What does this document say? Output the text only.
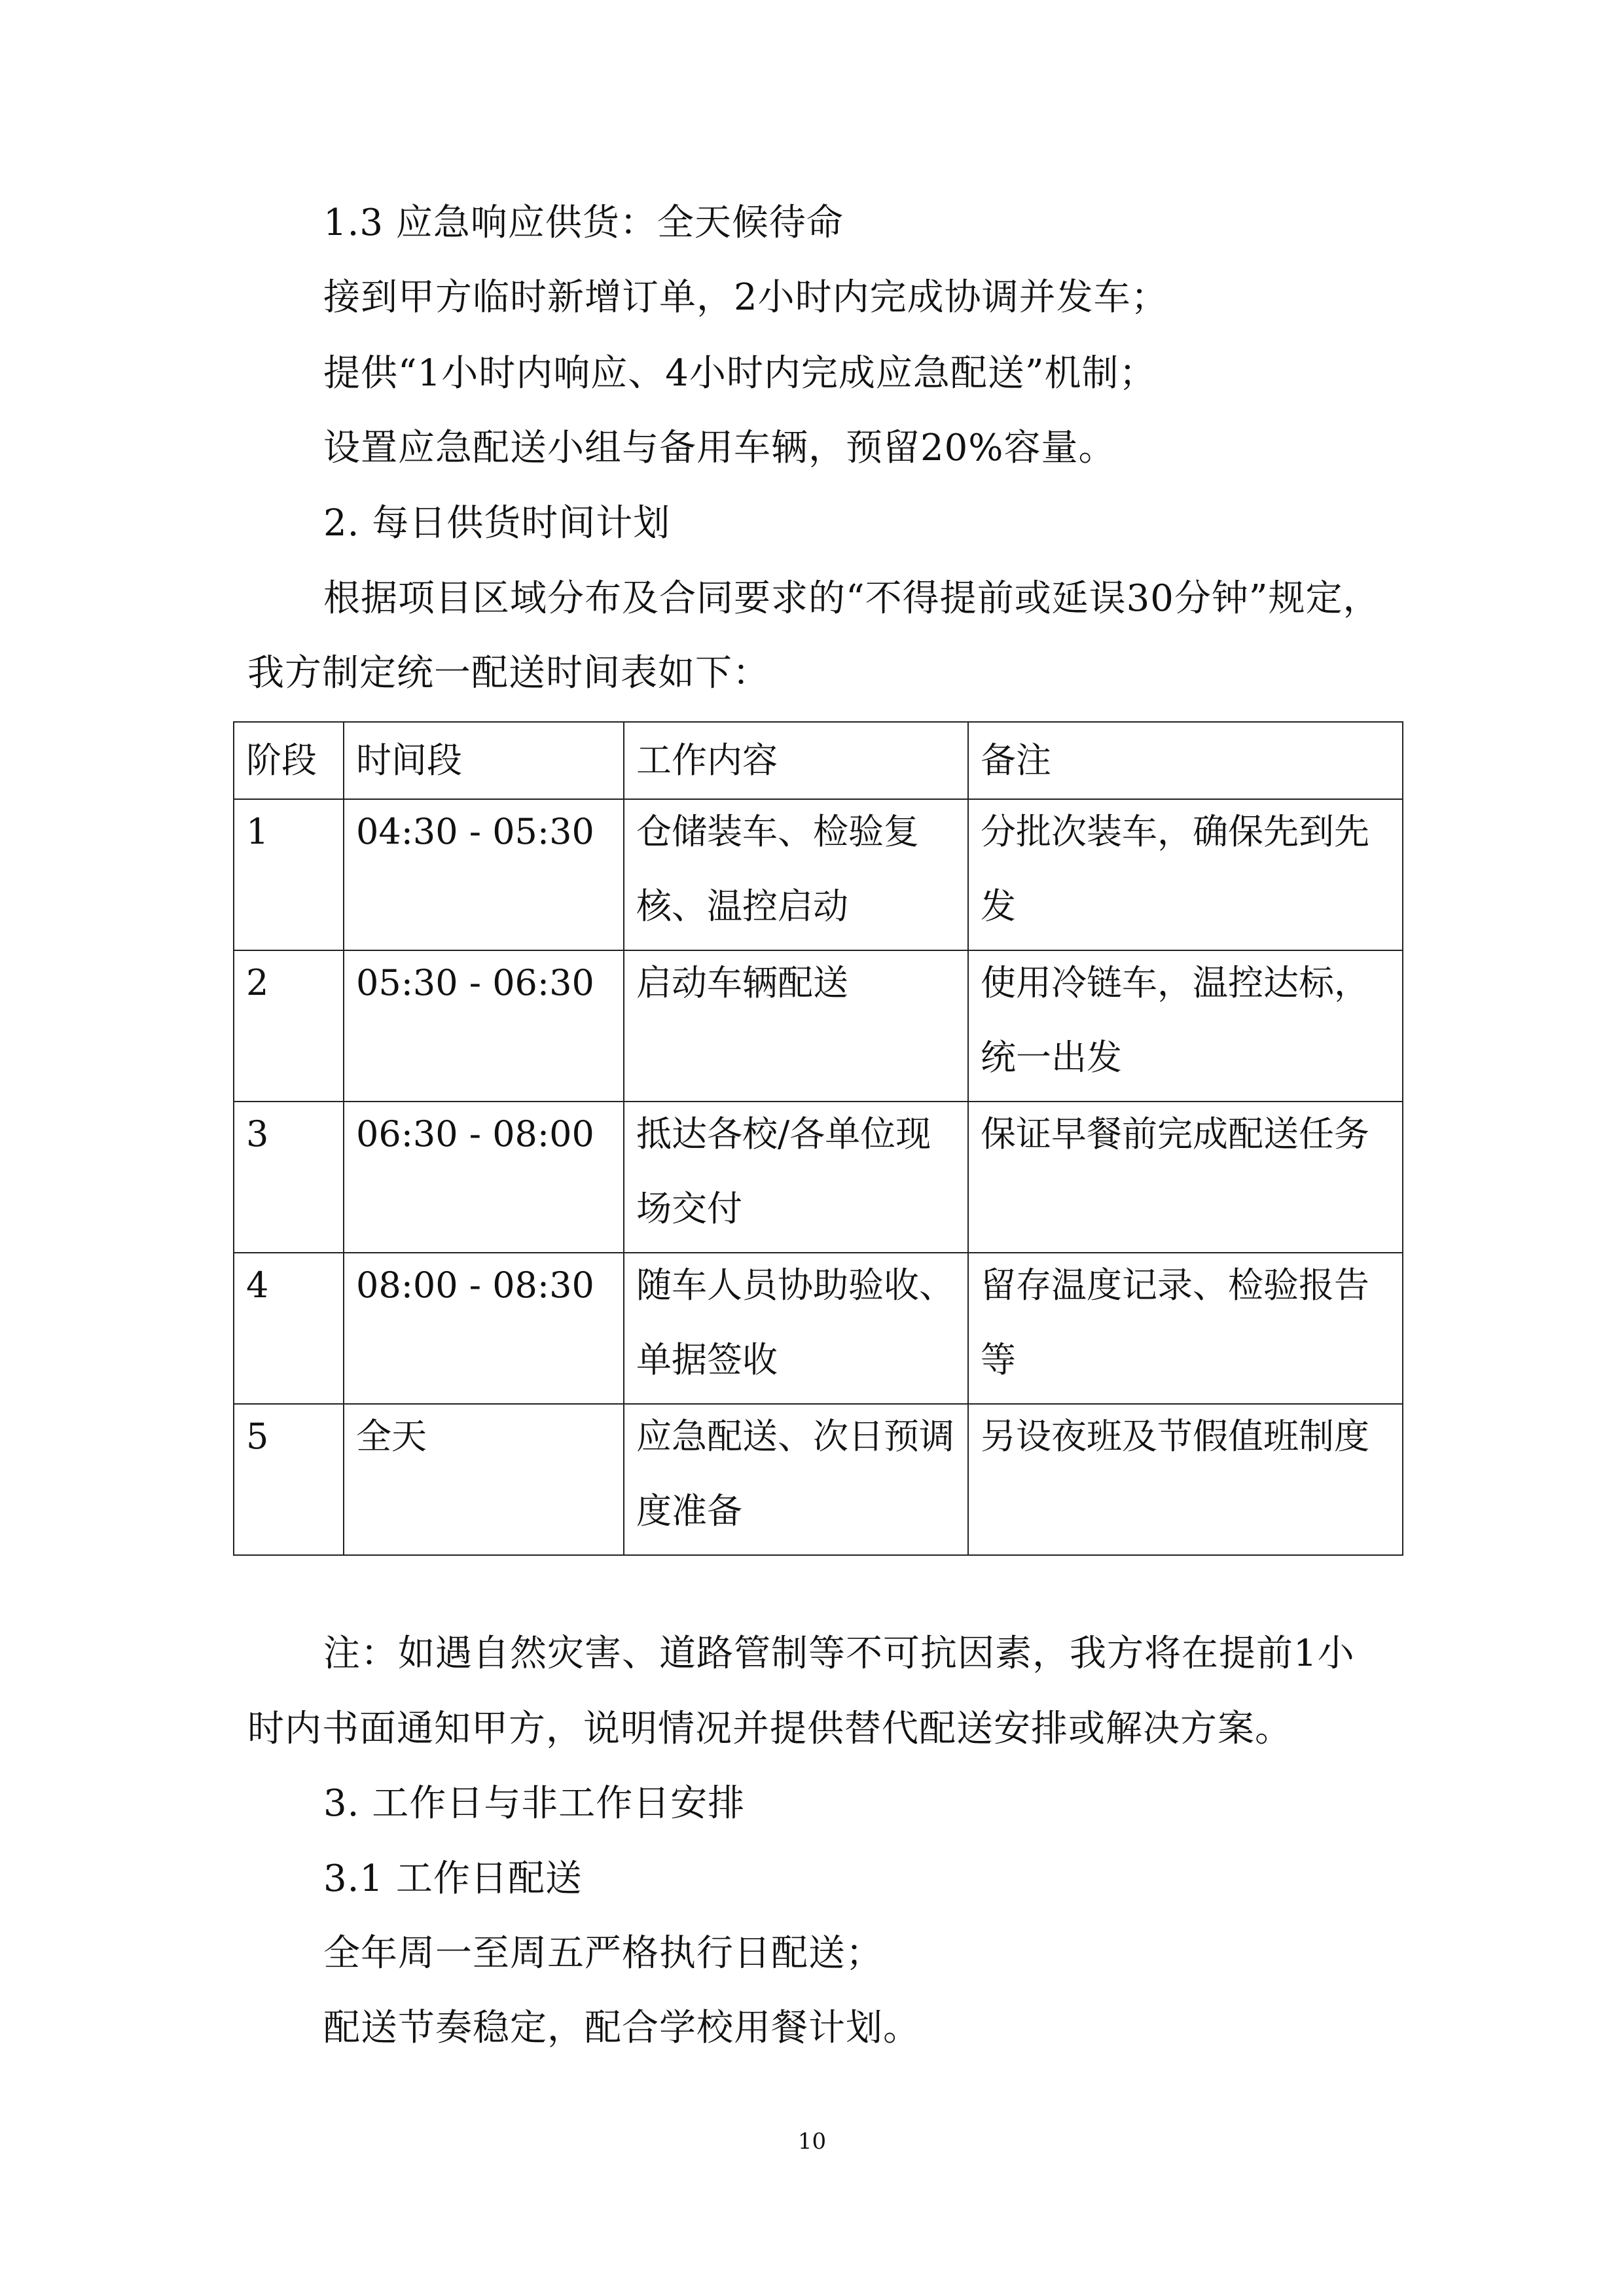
1.3 应急响应供货：全天候待命
接到甲方临时新增订单，2小时内完成协调并发车；
提供“1小时内响应、4小时内完成应急配送”机制；
设置应急配送小组与备用车辆，预留20%容量。
2. 每日供货时间计划
根据项目区域分布及合同要求的“不得提前或延误30分钟”规定，
我方制定统一配送时间表如下：
阶段	时间段	工作内容	备注

1	04:30 - 05:30	仓储装车、检验复核、温控启动	分批次装车，确保先到先发

2	05:30 - 06:30	启动车辆配送	使用冷链车，温控达标，统一出发

3	06:30 - 08:00	抵达各校/各单位现场交付	保证早餐前完成配送任务

4	08:00 - 08:30	随车人员协助验收、单据签收	留存温度记录、检验报告等

5	全天	应急配送、次日预调度准备	另设夜班及节假值班制度
注：如遇自然灾害、道路管制等不可抗因素，我方将在提前1小
时内书面通知甲方，说明情况并提供替代配送安排或解决方案。
3. 工作日与非工作日安排
3.1 工作日配送
全年周一至周五严格执行日配送；
配送节奏稳定，配合学校用餐计划。
10
